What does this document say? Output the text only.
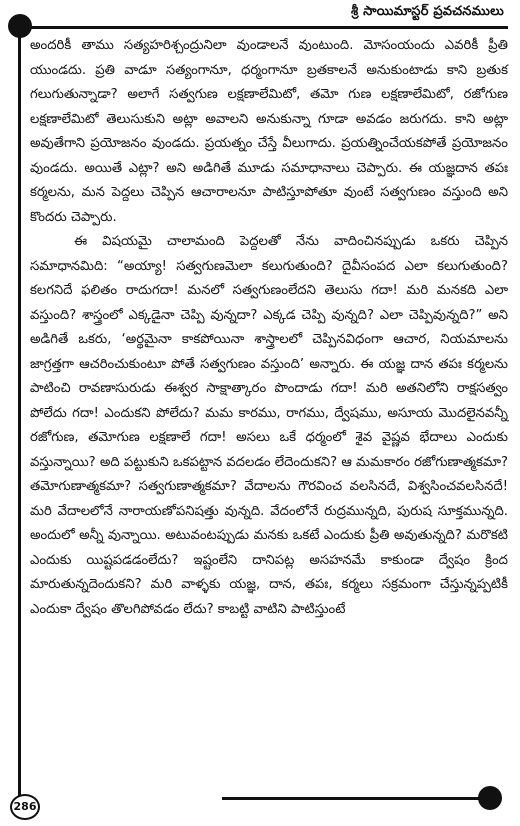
శ్రీ సాయిమాస్టర్ ప్రవచనములు

అందరికీ తాము సత్యహరిశ్చంద్రునిలా వుండాలనే వుంటుంది. మోసంయందు ఎవరికీ ప్రీతి యుండదు. ప్రతి వాడూ సత్యంగానూ, ధర్మంగానూ బ్రతకాలనే అనుకుంటాడు కాని బ్రతుక గలుగుతున్నాడా? అలాగే సత్వగుణ లక్షణాలేమిటో, తమో గుణ లక్షణాలేమిటో, రజోగుణ లక్షణాలేమిటో తెలుసుకుని అట్లా అవాలని అనుకున్నా గూడా అవడం జరుగదు. కాని అట్లా అవుతేగాని ప్రయోజనం వుండదు. ప్రయత్నం చేస్తే వీలుగాదు. ప్రయత్నించేయకపోతే ప్రయోజనం వుండదు. అయితే ఎట్లా? అని అడిగితే మూడు సమాధానాలు చెప్పారు. ఈ యజ్ఞదాన తపః కర్మలను, మన పెద్దలు చెప్పిన ఆచారాలనూ పాటిస్తూపోతూ వుంటే సత్వగుణం వస్తుంది అని కొందరు చెప్పారు.

ఈ విషయమై చాలామంది పెద్దలతో నేను వాదించినప్పుడు ఒకరు చెప్పిన సమాధానమిది: “అయ్యా! సత్వగుణమెలా కలుగుతుంది? దైవీసంపద ఎలా కలుగుతుంది? కలగనిదే ఫలితం రాదుగదా! మనలో సత్వగుణంలేదని తెలుసు గదా! మరి మనకది ఎలా వస్తుంది? శాస్త్రంలో ఎక్కడైనా చెప్పి వున్నదా? ఎక్కడ చెప్పి వున్నది? ఎలా చెప్పివున్నది?” అని అడిగితే ఒకరు, ‘అర్థమైనా కాకపోయినా శాస్త్రాలలో చెప్పినవిధంగా ఆచార, నియమాలను జాగ్రత్తగా ఆచరించుకుంటూ పోతే సత్వగుణం వస్తుంది’ అన్నారు. ఈ యజ్ఞ దాన తపః కర్మలను పాటించి రావణాసురుడు ఈశ్వర సాక్షాత్కారం పొందాడు గదా! మరి అతనిలోని రాక్షసత్వం పోలేదు గదా! ఎందుకని పోలేదు? మమ కారము, రాగము, ద్వేషము, అసూయ మొదలైనవన్నీ రజోగుణ, తమోగుణ లక్షణాలే గదా! అసలు ఒకే ధర్మంలో శైవ వైష్ణవ భేదాలు ఎందుకు వస్తున్నాయి? అది పట్టుకుని ఒకపట్టాన వదలడం లేదెందుకని? ఆ మమకారం రజోగుణాత్మకమా? తమోగుణాత్మకమా? సత్వగుణాత్మకమా? వేదాలను గౌరవించ వలసినదే, విశ్వసించవలసినదే! మరి వేదాలలోనే నారాయణోపనిషత్తు వున్నది. వేదంలోనే రుద్రమున్నది, పురుష సూక్తమున్నది. అందులో అన్నీ వున్నాయి. అటువంటప్పుడు మనకు ఒకటే ఎందుకు ప్రీతి అవుతున్నది? మరొకటి ఎందుకు యిష్టపడడంలేదు? ఇష్టంలేని దానిపట్ల అసహనమే కాకుండా ద్వేషం క్రింద మారుతున్నదెందుకని? మరి వాళ్ళకు యజ్ఞ, దాన, తపః, కర్మలు సక్రమంగా చేస్తున్నప్పటికీ ఎందుకా ద్వేషం తొలగిపోవడం లేదు? కాబట్టి వాటిని పాటిస్తుంటే

286
